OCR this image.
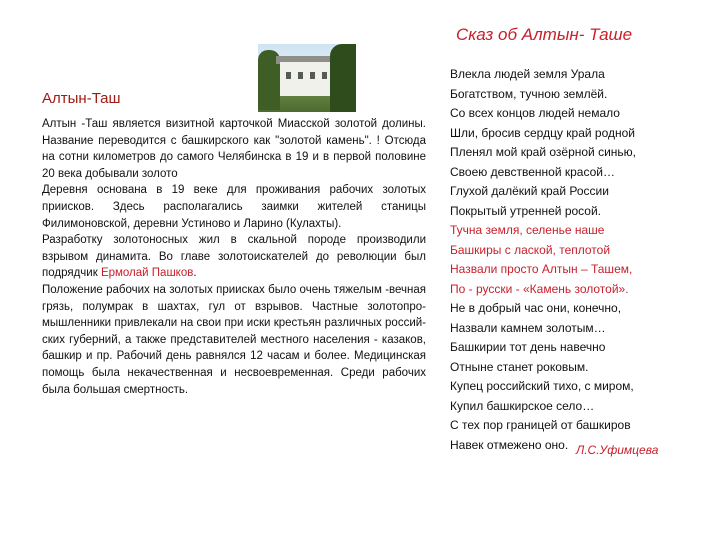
Алтын-Таш

Алтын -Таш является визитной карточкой Миасской золотой долины. Название переводится с башкирского как "золотой камень". ! Отсюда на сотни километров до самого Челябинска в 19 и в первой половине 20 века добывали золото

Деревня основана в 19 веке для проживания рабочих золотых приисков. Здесь располагались заимки жителей станицы Филимоновской, деревни Устиново и Ларино (Кулахты).

Разработку золотоносных жил в скальной породе производили взрывом динамита. Во главе золотоискателей до революции был подрядчик Ермолай Пашков.

Положение рабочих на золотых приисках было очень тяжелым -вечная грязь, полумрак в шахтах, гул от взрывов. Частные золотопро-мышленники привлекали на свои при иски крестьян различных россий-ских губерний, а также представителей местного населения - казаков, башкир и пр. Рабочий день равнялся 12 часам и более. Медицинская помощь была некачественная и несвоевременная. Среди рабочих была большая смертность.

Сказ об Алтын- Таше
Влекла людей земля Урала
Богатством, тучною землёй.
Со всех концов людей немало
Шли, бросив сердцу край родной
Пленял мой край озёрной синью,
Своею девственной красой…
Глухой далёкий край России
Покрытый утренней росой.
Тучна земля, селенье наше
Башкиры с лаской, теплотой
Назвали просто Алтын – Ташем,
По - русски - «Камень золотой».
Не в добрый час они, конечно,
Назвали камнем золотым…
Башкирии тот день навечно
Отныне станет роковым.
Купец российский тихо, с миром,
Купил башкирское село…
С тех пор границей от башкиров
Навек отмежено оно. Л.С.Уфимцева
